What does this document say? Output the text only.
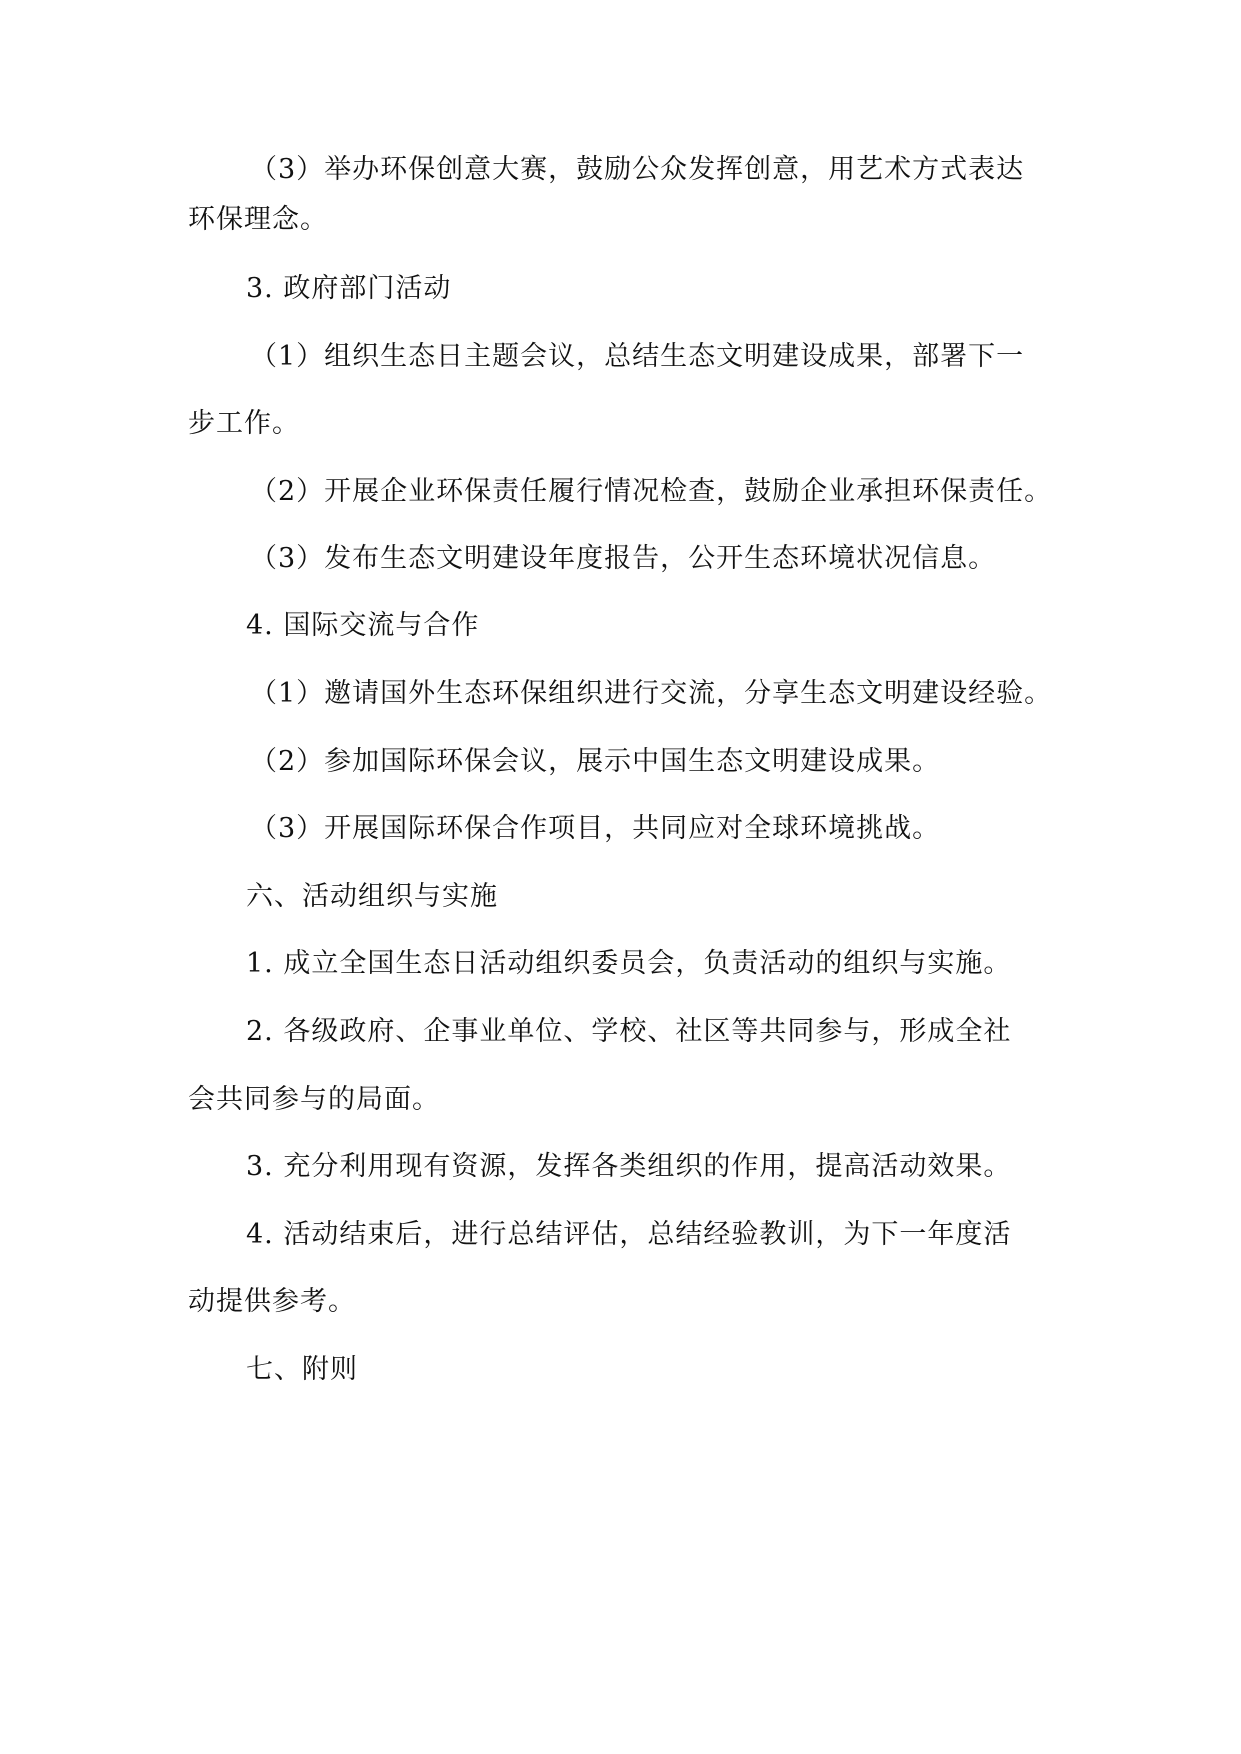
（3）举办环保创意大赛，鼓励公众发挥创意，用艺术方式表达
环保理念。
3. 政府部门活动
（1）组织生态日主题会议，总结生态文明建设成果，部署下一
步工作。
（2）开展企业环保责任履行情况检查，鼓励企业承担环保责任。
（3）发布生态文明建设年度报告，公开生态环境状况信息。
4. 国际交流与合作
（1）邀请国外生态环保组织进行交流，分享生态文明建设经验。
（2）参加国际环保会议，展示中国生态文明建设成果。
（3）开展国际环保合作项目，共同应对全球环境挑战。
六、活动组织与实施
1. 成立全国生态日活动组织委员会，负责活动的组织与实施。
2. 各级政府、企事业单位、学校、社区等共同参与，形成全社
会共同参与的局面。
3. 充分利用现有资源，发挥各类组织的作用，提高活动效果。
4. 活动结束后，进行总结评估，总结经验教训，为下一年度活
动提供参考。
七、附则
